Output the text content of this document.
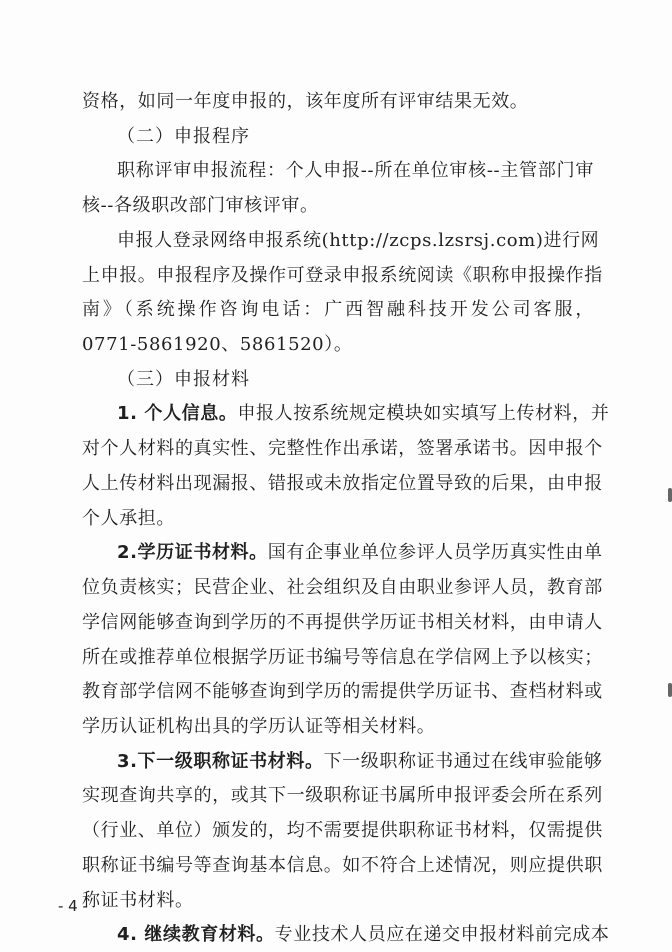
资格，如同一年度申报的，该年度所有评审结果无效。
（二）申报程序
职称评审申报流程：个人申报--所在单位审核--主管部门审
核--各级职改部门审核评审。
申报人登录网络申报系统(http://zcps.lzsrsj.com)进行网
上申报。申报程序及操作可登录申报系统阅读《职称申报操作指
南》（系统操作咨询电话：广西智融科技开发公司客服，
0771-5861920、5861520）。
（三）申报材料
1. 个人信息。申报人按系统规定模块如实填写上传材料，并
对个人材料的真实性、完整性作出承诺，签署承诺书。因申报个
人上传材料出现漏报、错报或未放指定位置导致的后果，由申报
个人承担。
2.学历证书材料。国有企事业单位参评人员学历真实性由单
位负责核实；民营企业、社会组织及自由职业参评人员，教育部
学信网能够查询到学历的不再提供学历证书相关材料，由申请人
所在或推荐单位根据学历证书编号等信息在学信网上予以核实；
教育部学信网不能够查询到学历的需提供学历证书、查档材料或
学历认证机构出具的学历认证等相关材料。
3.下一级职称证书材料。下一级职称证书通过在线审验能够
实现查询共享的，或其下一级职称证书属所申报评委会所在系列
（行业、单位）颁发的，均不需要提供职称证书材料，仅需提供
职称证书编号等查询基本信息。如不符合上述情况，则应提供职
称证书材料。
- 4 -
4. 继续教育材料。专业技术人员应在递交申报材料前完成本
